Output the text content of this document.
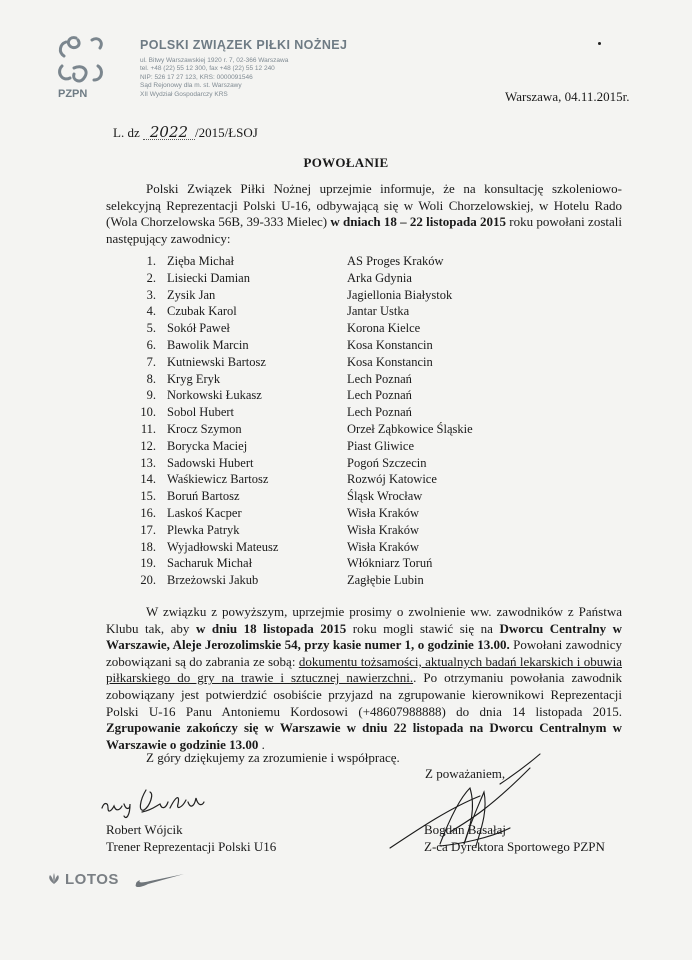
PZPN
POLSKI ZWIĄZEK PIŁKI NOŻNEJ
ul. Bitwy Warszawskiej 1920 r. 7, 02-366 Warszawa
tel. +48 (22) 55 12 300, fax +48 (22) 55 12 240
NIP: 526 17 27 123, KRS: 0000091546
Sąd Rejonowy dla m. st. Warszawy
XII Wydział Gospodarczy KRS	Warszawa, 04.11.2015r.
L. dz 2022 /2015/ŁSOJ
POWOŁANIE
Polski Związek Piłki Nożnej uprzejmie informuje, że na konsultację szkoleniowo-selekcyjną Reprezentacji Polski U-16, odbywającą się w Woli Chorzelowskiej, w Hotelu Rado (Wola Chorzelowska 56B, 39-333 Mielec) w dniach 18 – 22 listopada 2015 roku powołani zostali następujący zawodnicy:
1. Zięba Michał	AS Proges Kraków
2. Lisiecki Damian	Arka Gdynia
3. Zysik Jan	Jagiellonia Białystok
4. Czubak Karol	Jantar Ustka
5. Sokół Paweł	Korona Kielce
6. Bawolik Marcin	Kosa Konstancin
7. Kutniewski Bartosz	Kosa Konstancin
8. Kryg Eryk	Lech Poznań
9. Norkowski Łukasz	Lech Poznań
10. Sobol Hubert	Lech Poznań
11. Krocz Szymon	Orzeł Ząbkowice Śląskie
12. Borycka Maciej	Piast Gliwice
13. Sadowski Hubert	Pogoń Szczecin
14. Waśkiewicz Bartosz	Rozwój Katowice
15. Boruń Bartosz	Śląsk Wrocław
16. Laskoś Kacper	Wisła Kraków
17. Plewka Patryk	Wisła Kraków
18. Wyjadłowski Mateusz	Wisła Kraków
19. Sacharuk Michał	Włókniarz Toruń
20. Brzeżowski Jakub	Zagłębie Lubin
W związku z powyższym, uprzejmie prosimy o zwolnienie ww. zawodników z Państwa Klubu tak, aby w dniu 18 listopada 2015 roku mogli stawić się na Dworcu Centralny w Warszawie, Aleje Jerozolimskie 54, przy kasie numer 1, o godzinie 13.00. Powołani zawodnicy zobowiązani są do zabrania ze sobą: dokumentu tożsamości, aktualnych badań lekarskich i obuwia piłkarskiego do gry na trawie i sztucznej nawierzchni.. Po otrzymaniu powołania zawodnik zobowiązany jest potwierdzić osobiście przyjazd na zgrupowanie kierownikowi Reprezentacji Polski U-16 Panu Antoniemu Kordosowi (+48607988888) do dnia 14 listopada 2015. Zgrupowanie zakończy się w Warszawie w dniu 22 listopada na Dworcu Centralnym w Warszawie o godzinie 13.00 .
Z góry dziękujemy za zrozumienie i współpracę.
Z poważaniem,
Robert Wójcik
Trener Reprezentacji Polski U16
Bogdan Basałaj
Z-ca Dyrektora Sportowego PZPN
LOTOS
